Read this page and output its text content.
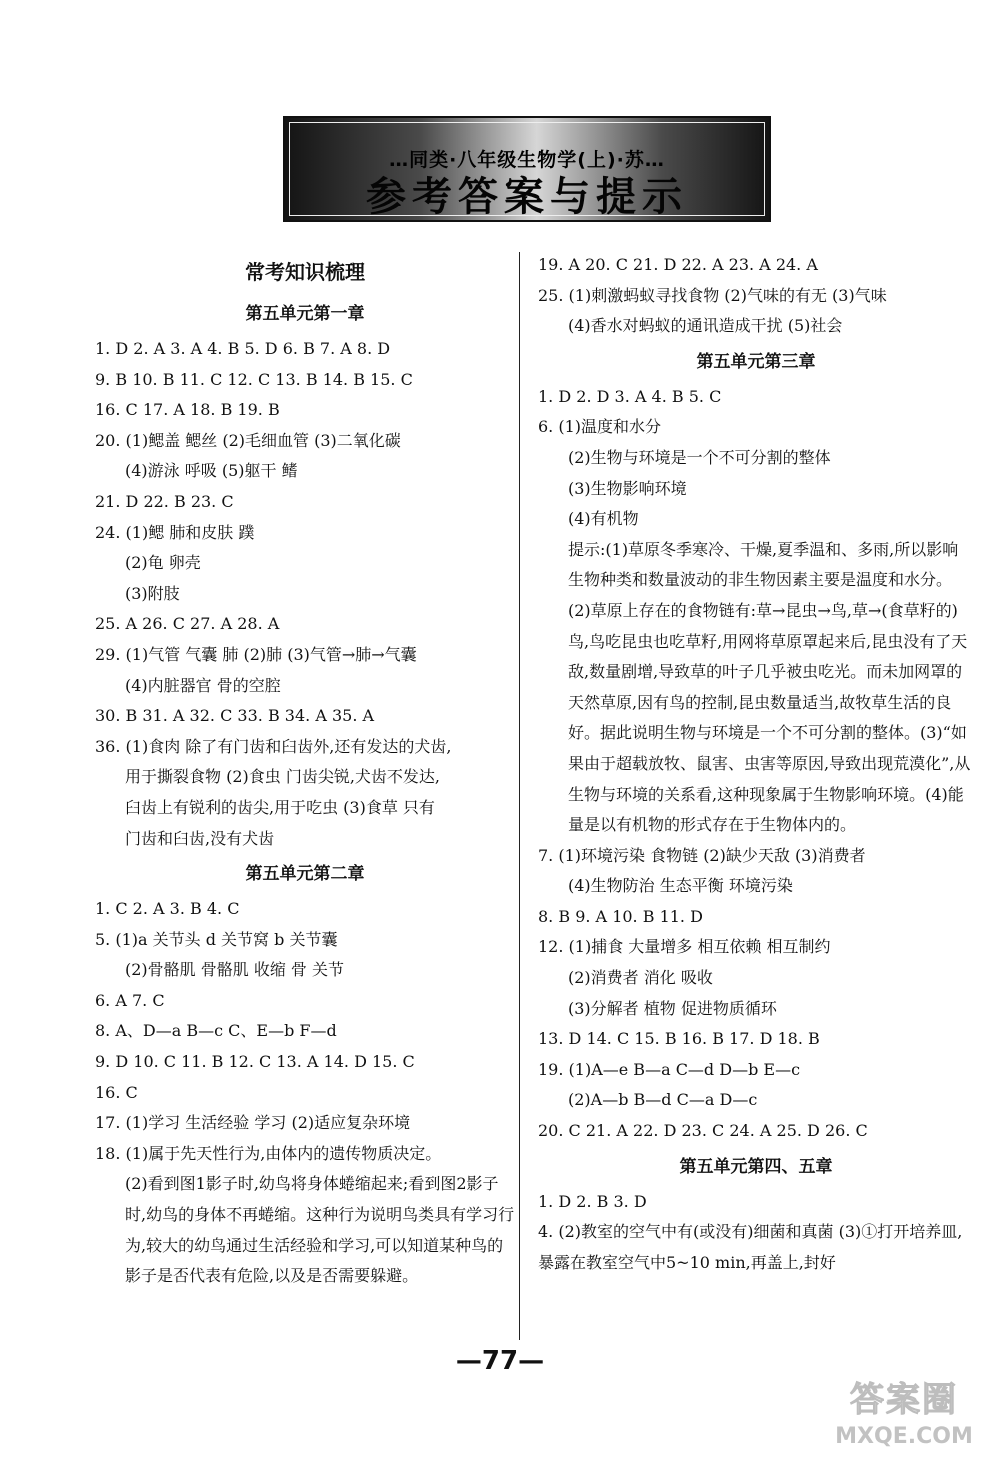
…同类·八年级生物学(上)·苏…
参考答案与提示
常考知识梳理
第五单元第一章
1. D 2. A 3. A 4. B 5. D 6. B 7. A 8. D
9. B 10. B 11. C 12. C 13. B 14. B 15. C
16. C 17. A 18. B 19. B
20. (1)鳃盖 鳃丝 (2)毛细血管 (3)二氧化碳
(4)游泳 呼吸 (5)躯干 鳍
21. D 22. B 23. C
24. (1)鳃 肺和皮肤 蹼
(2)龟 卵壳
(3)附肢
25. A 26. C 27. A 28. A
29. (1)气管 气囊 肺 (2)肺 (3)气管→肺→气囊
(4)内脏器官 骨的空腔
30. B 31. A 32. C 33. B 34. A 35. A
36. (1)食肉 除了有门齿和臼齿外,还有发达的犬齿,
用于撕裂食物 (2)食虫 门齿尖锐,犬齿不发达,
臼齿上有锐利的齿尖,用于吃虫 (3)食草 只有
门齿和臼齿,没有犬齿
第五单元第二章
1. C 2. A 3. B 4. C
5. (1)a 关节头 d 关节窝 b 关节囊
(2)骨骼肌 骨骼肌 收缩 骨 关节
6. A 7. C
8. A、D—a B—c C、E—b F—d
9. D 10. C 11. B 12. C 13. A 14. D 15. C
16. C
17. (1)学习 生活经验 学习 (2)适应复杂环境
18. (1)属于先天性行为,由体内的遗传物质决定。
(2)看到图1影子时,幼鸟将身体蜷缩起来;看到图2影子时,幼鸟的身体不再蜷缩。这种行为说明鸟类具有学习行为,较大的幼鸟通过生活经验和学习,可以知道某种鸟的影子是否代表有危险,以及是否需要躲避。
19. A 20. C 21. D 22. A 23. A 24. A
25. (1)刺激蚂蚁寻找食物 (2)气味的有无 (3)气味
(4)香水对蚂蚁的通讯造成干扰 (5)社会
第五单元第三章
1. D 2. D 3. A 4. B 5. C
6. (1)温度和水分
(2)生物与环境是一个不可分割的整体
(3)生物影响环境
(4)有机物
提示:(1)草原冬季寒冷、干燥,夏季温和、多雨,所以影响生物种类和数量波动的非生物因素主要是温度和水分。(2)草原上存在的食物链有:草→昆虫→鸟,草→(食草籽的)鸟,鸟吃昆虫也吃草籽,用网将草原罩起来后,昆虫没有了天敌,数量剧增,导致草的叶子几乎被虫吃光。而未加网罩的天然草原,因有鸟的控制,昆虫数量适当,故牧草生活的良好。据此说明生物与环境是一个不可分割的整体。(3)“如果由于超载放牧、鼠害、虫害等原因,导致出现荒漠化”,从生物与环境的关系看,这种现象属于生物影响环境。(4)能量是以有机物的形式存在于生物体内的。
7. (1)环境污染 食物链 (2)缺少天敌 (3)消费者
(4)生物防治 生态平衡 环境污染
8. B 9. A 10. B 11. D
12. (1)捕食 大量增多 相互依赖 相互制约
(2)消费者 消化 吸收
(3)分解者 植物 促进物质循环
13. D 14. C 15. B 16. B 17. D 18. B
19. (1)A—e B—a C—d D—b E—c
(2)A—b B—d C—a D—c
20. C 21. A 22. D 23. C 24. A 25. D 26. C
第五单元第四、五章
1. D 2. B 3. D
4. (2)教室的空气中有(或没有)细菌和真菌 (3)①打开培养皿,暴露在教室空气中5~10 min,再盖上,封好
—77—
答案圈
MXQE.COM
